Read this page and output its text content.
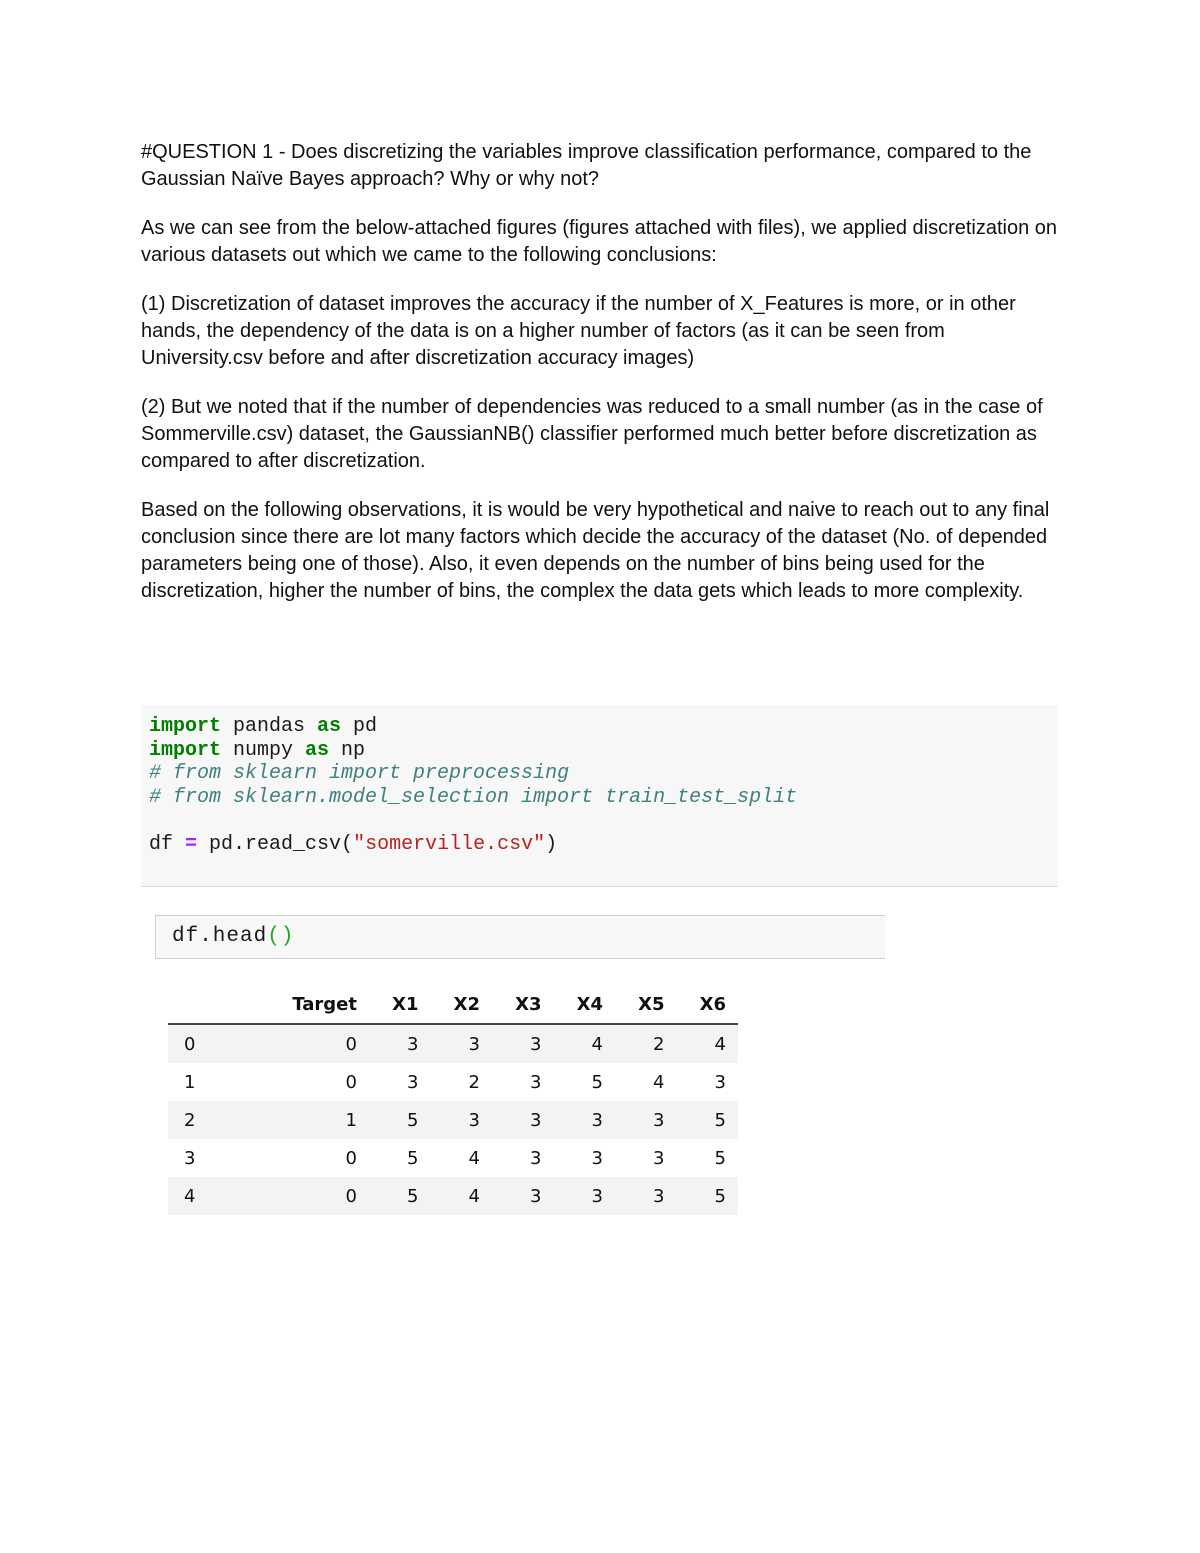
#QUESTION 1 - Does discretizing the variables improve classification performance, compared to the Gaussian Naïve Bayes approach? Why or why not?

As we can see from the below-attached figures (figures attached with files), we applied discretization on various datasets out which we came to the following conclusions:

(1) Discretization of dataset improves the accuracy if the number of X_Features is more, or in other hands, the dependency of the data is on a higher number of factors (as it can be seen from University.csv before and after discretization accuracy images)

(2) But we noted that if the number of dependencies was reduced to a small number (as in the case of Sommerville.csv) dataset, the GaussianNB() classifier performed much better before discretization as compared to after discretization.

Based on the following observations, it is would be very hypothetical and naive to reach out to any final conclusion since there are lot many factors which decide the accuracy of the dataset (No. of depended parameters being one of those). Also, it even depends on the number of bins being used for the discretization, higher the number of bins, the complex the data gets which leads to more complexity.

import pandas as pd
import numpy as np
# from sklearn import preprocessing
# from sklearn.model_selection import train_test_split

df = pd.read_csv("somerville.csv")
df.head()
	Target	X1	X2	X3	X4	X5	X6
0	0	3	3	3	4	2	4
1	0	3	2	3	5	4	3
2	1	5	3	3	3	3	5
3	0	5	4	3	3	3	5
4	0	5	4	3	3	3	5
